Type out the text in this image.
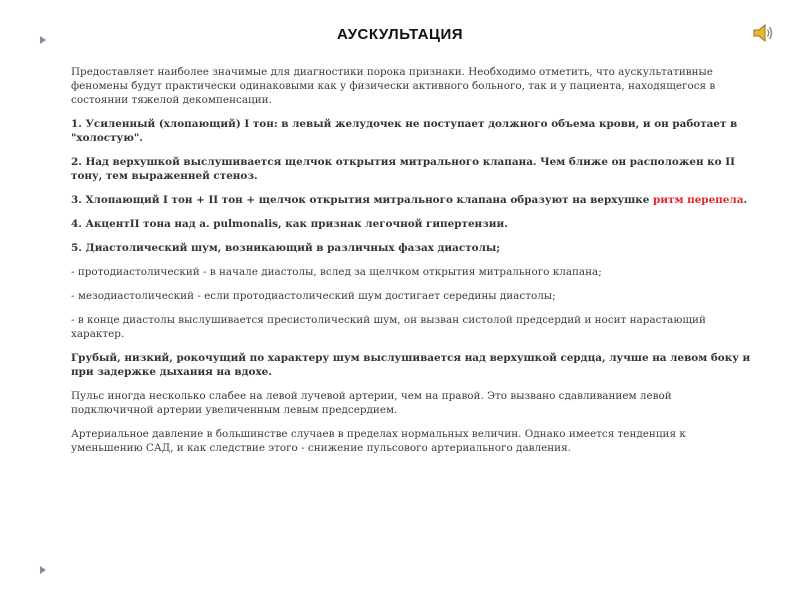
АУСКУЛЬТАЦИЯ

Предоставляет наиболее значимые для диагностики порока признаки. Необходимо отметить, что аускультативные феномены будут практически одинаковыми как у физически активного больного, так и у пациента, находящегося в состоянии тяжелой декомпенсации.

1. Усиленный (хлопающий) I тон: в левый желудочек не поступает должного объема крови, и он работает в "холостую".

2. Над верхушкой выслушивается щелчок открытия митрального клапана. Чем ближе он расположен ко II тону, тем выраженней стеноз.

3. Хлопающий I тон + II тон + щелчок открытия митрального клапана образуют на верхушке ритм перепела.

4. АкцентII тона над a. pulmonalis, как признак легочной гипертензии.

5. Диастолический шум, возникающий в различных фазах диастолы;

- протодиастолический - в начале диастолы, вслед за щелчком открытия митрального клапана;

- мезодиастолический - если протодиастолический шум достигает середины диастолы;

- в конце диастолы выслушивается пресистолический шум, он вызван систолой предсердий и носит нарастающий характер.

Грубый, низкий, рокочущий по характеру шум выслушивается над верхушкой сердца, лучше на левом боку и при задержке дыхания на вдохе.

Пульс иногда несколько слабее на левой лучевой артерии, чем на правой. Это вызвано сдавливанием левой подключичной артерии увеличенным левым предсердием.

Артериальное давление в большинстве случаев в пределах нормальных величин. Однако имеется тенденция к уменьшению САД, и как следствие этого - снижение пульсового артериального давления.
